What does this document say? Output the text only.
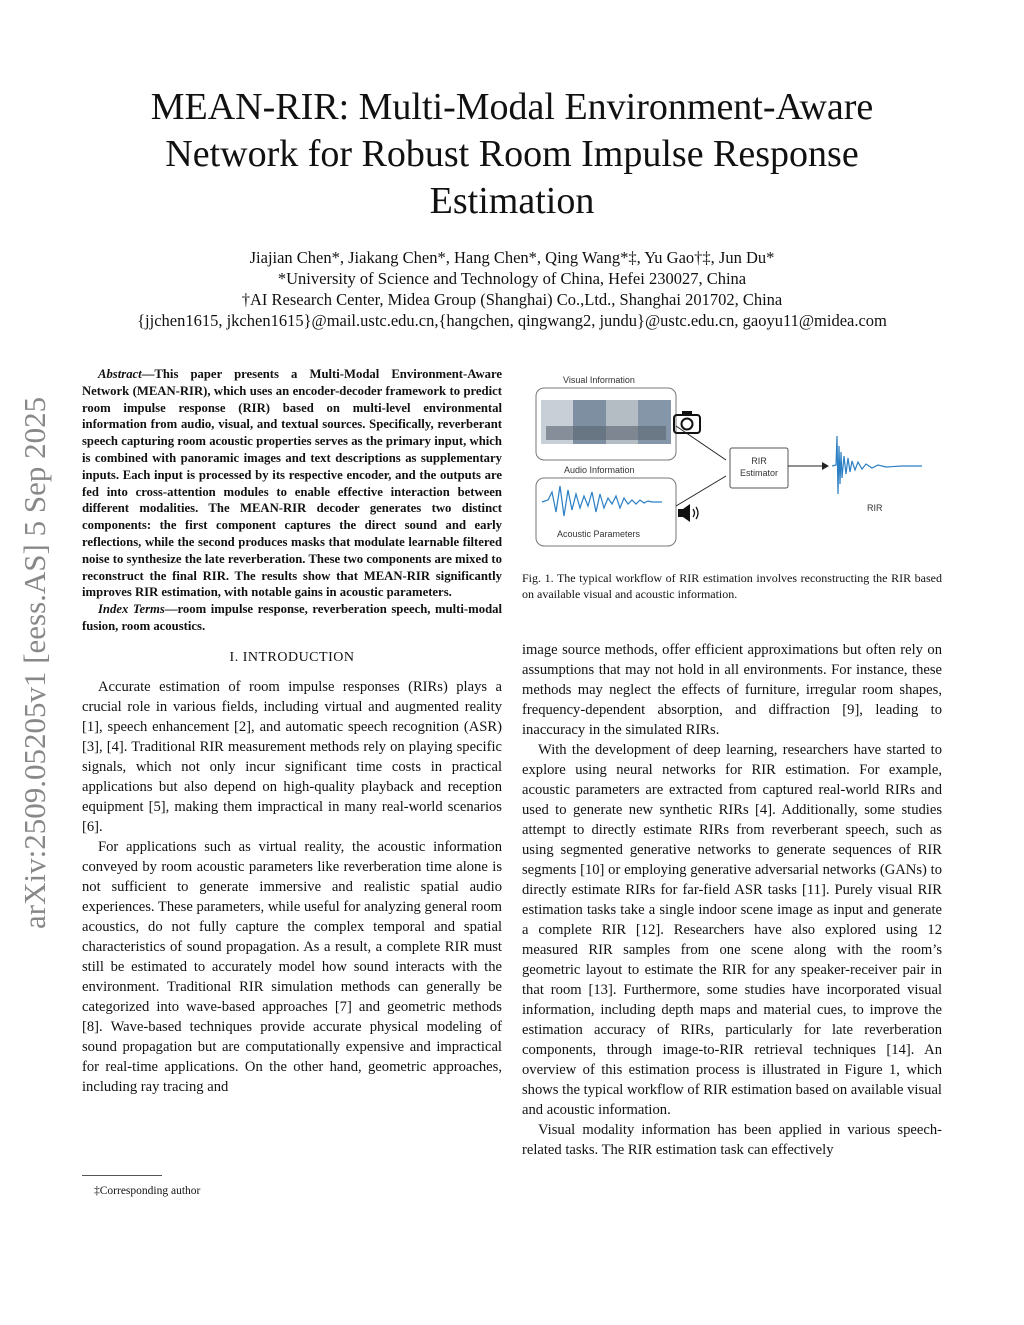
arXiv:2509.05205v1 [eess.AS] 5 Sep 2025
MEAN-RIR: Multi-Modal Environment-Aware
Network for Robust Room Impulse Response
Estimation
Jiajian Chen*, Jiakang Chen*, Hang Chen*, Qing Wang*‡, Yu Gao†‡, Jun Du*
*University of Science and Technology of China, Hefei 230027, China
†AI Research Center, Midea Group (Shanghai) Co.,Ltd., Shanghai 201702, China
{jjchen1615, jkchen1615}@mail.ustc.edu.cn,{hangchen, qingwang2, jundu}@ustc.edu.cn, gaoyu11@midea.com

Abstract—This paper presents a Multi-Modal Environment-Aware Network (MEAN-RIR), which uses an encoder-decoder framework to predict room impulse response (RIR) based on multi-level environmental information from audio, visual, and textual sources. Specifically, reverberant speech capturing room acoustic properties serves as the primary input, which is combined with panoramic images and text descriptions as supplementary inputs. Each input is processed by its respective encoder, and the outputs are fed into cross-attention modules to enable effective interaction between different modalities. The MEAN-RIR decoder generates two distinct components: the first component captures the direct sound and early reflections, while the second produces masks that modulate learnable filtered noise to synthesize the late reverberation. These two components are mixed to reconstruct the final RIR. The results show that MEAN-RIR significantly improves RIR estimation, with notable gains in acoustic parameters.

Index Terms—room impulse response, reverberation speech, multi-modal fusion, room acoustics.

I. INTRODUCTION

Accurate estimation of room impulse responses (RIRs) plays a crucial role in various fields, including virtual and augmented reality [1], speech enhancement [2], and automatic speech recognition (ASR) [3], [4]. Traditional RIR measurement methods rely on playing specific signals, which not only incur significant time costs in practical applications but also depend on high-quality playback and reception equipment [5], making them impractical in many real-world scenarios [6].

For applications such as virtual reality, the acoustic information conveyed by room acoustic parameters like reverberation time alone is not sufficient to generate immersive and realistic spatial audio experiences. These parameters, while useful for analyzing general room acoustics, do not fully capture the complex temporal and spatial characteristics of sound propagation. As a result, a complete RIR must still be estimated to accurately model how sound interacts with the environment. Traditional RIR simulation methods can generally be categorized into wave-based approaches [7] and geometric methods [8]. Wave-based techniques provide accurate physical modeling of sound propagation but are computationally expensive and impractical for real-time applications. On the other hand, geometric approaches, including ray tracing and

‡Corresponding author
Visual Information
Audio Information
Acoustic Parameters
RIR
Estimator
RIR
Fig. 1. The typical workflow of RIR estimation involves reconstructing the RIR based on available visual and acoustic information.

image source methods, offer efficient approximations but often rely on assumptions that may not hold in all environments. For instance, these methods may neglect the effects of furniture, irregular room shapes, frequency-dependent absorption, and diffraction [9], leading to inaccuracy in the simulated RIRs.

With the development of deep learning, researchers have started to explore using neural networks for RIR estimation. For example, acoustic parameters are extracted from captured real-world RIRs and used to generate new synthetic RIRs [4]. Additionally, some studies attempt to directly estimate RIRs from reverberant speech, such as using segmented generative networks to generate sequences of RIR segments [10] or employing generative adversarial networks (GANs) to directly estimate RIRs for far-field ASR tasks [11]. Purely visual RIR estimation tasks take a single indoor scene image as input and generate a complete RIR [12]. Researchers have also explored using 12 measured RIR samples from one scene along with the room’s geometric layout to estimate the RIR for any speaker-receiver pair in that room [13]. Furthermore, some studies have incorporated visual information, including depth maps and material cues, to improve the estimation accuracy of RIRs, particularly for late reverberation components, through image-to-RIR retrieval techniques [14]. An overview of this estimation process is illustrated in Figure 1, which shows the typical workflow of RIR estimation based on available visual and acoustic information.

Visual modality information has been applied in various speech-related tasks. The RIR estimation task can effectively
